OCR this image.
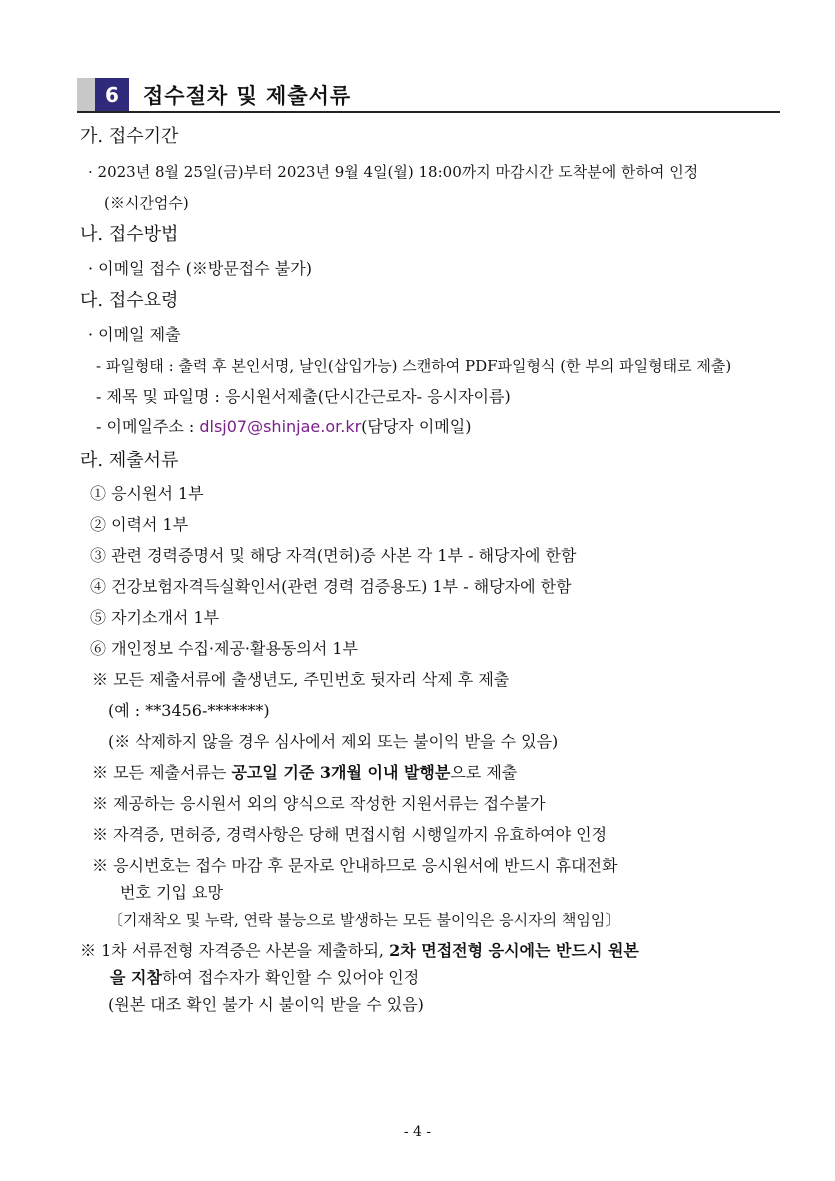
6	접수절차 및 제출서류
가. 접수기간
· 2023년 8월 25일(금)부터 2023년 9월 4일(월) 18:00까지 마감시간 도착분에 한하여 인정
(※시간엄수)
나. 접수방법
· 이메일 접수 (※방문접수 불가)
다. 접수요령
· 이메일 제출
- 파일형태 : 출력 후 본인서명, 날인(삽입가능) 스캔하여 PDF파일형식 (한 부의 파일형태로 제출)
- 제목 및 파일명 : 응시원서제출(단시간근로자- 응시자이름)
- 이메일주소 : dlsj07@shinjae.or.kr(담당자 이메일)
라. 제출서류
① 응시원서 1부
② 이력서 1부
③ 관련 경력증명서 및 해당 자격(면허)증 사본 각 1부 - 해당자에 한함
④ 건강보험자격득실확인서(관련 경력 검증용도) 1부 - 해당자에 한함
⑤ 자기소개서 1부
⑥ 개인정보 수집·제공·활용동의서 1부
※ 모든 제출서류에 출생년도, 주민번호 뒷자리 삭제 후 제출
(예 : **3456-*******)
(※ 삭제하지 않을 경우 심사에서 제외 또는 불이익 받을 수 있음)
※ 모든 제출서류는 공고일 기준 3개월 이내 발행분으로 제출
※ 제공하는 응시원서 외의 양식으로 작성한 지원서류는 접수불가
※ 자격증, 면허증, 경력사항은 당해 면접시험 시행일까지 유효하여야 인정
※ 응시번호는 접수 마감 후 문자로 안내하므로 응시원서에 반드시 휴대전화
번호 기입 요망
〔기재착오 및 누락, 연락 불능으로 발생하는 모든 불이익은 응시자의 책임임〕
※ 1차 서류전형 자격증은 사본을 제출하되, 2차 면접전형 응시에는 반드시 원본
을 지참하여 접수자가 확인할 수 있어야 인정
(원본 대조 확인 불가 시 불이익 받을 수 있음)
- 4 -
